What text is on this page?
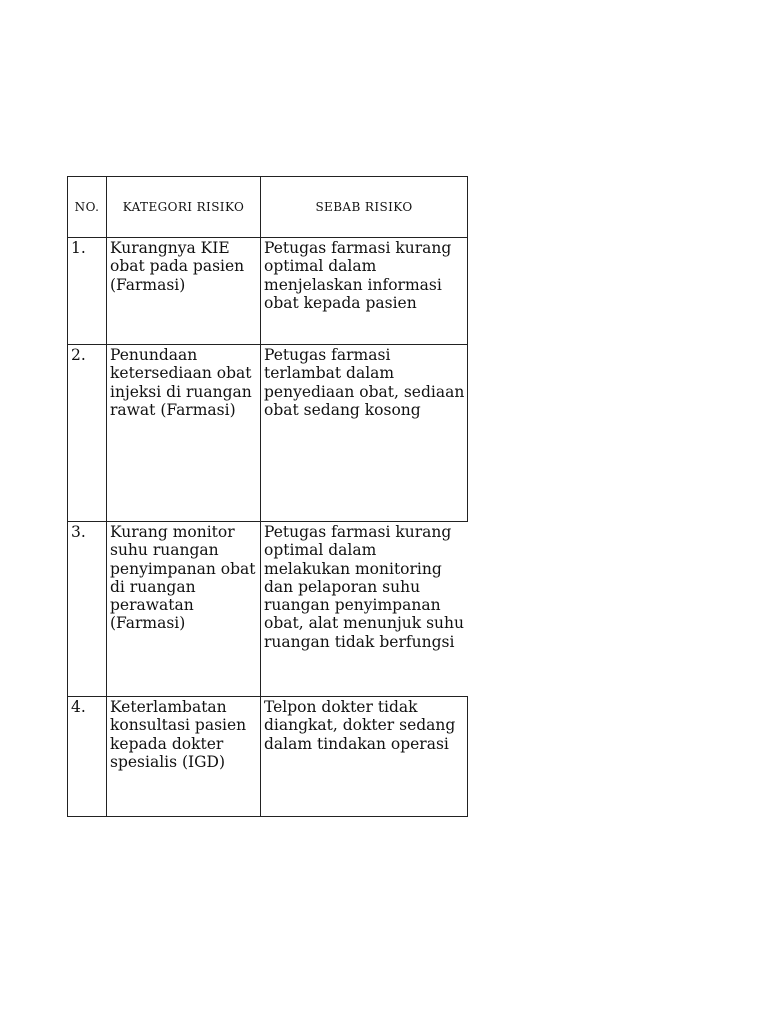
NO.	KATEGORI RISIKO	SEBAB RISIKO

1.	Kurangnya KIE obat pada pasien (Farmasi)	Petugas farmasi kurang optimal dalam menjelaskan informasi obat kepada pasien

2.	Penundaan ketersediaan obat injeksi di ruangan rawat (Farmasi)	Petugas farmasi terlambat dalam penyediaan obat, sediaan obat sedang kosong

3.	Kurang monitor suhu ruangan penyimpanan obat di ruangan perawatan (Farmasi)	Petugas farmasi kurang optimal dalam melakukan monitoring dan pelaporan suhu ruangan penyimpanan obat, alat menunjuk suhu ruangan tidak berfungsi

4.	Keterlambatan konsultasi pasien kepada dokter spesialis (IGD)	Telpon dokter tidak diangkat, dokter sedang dalam tindakan operasi
